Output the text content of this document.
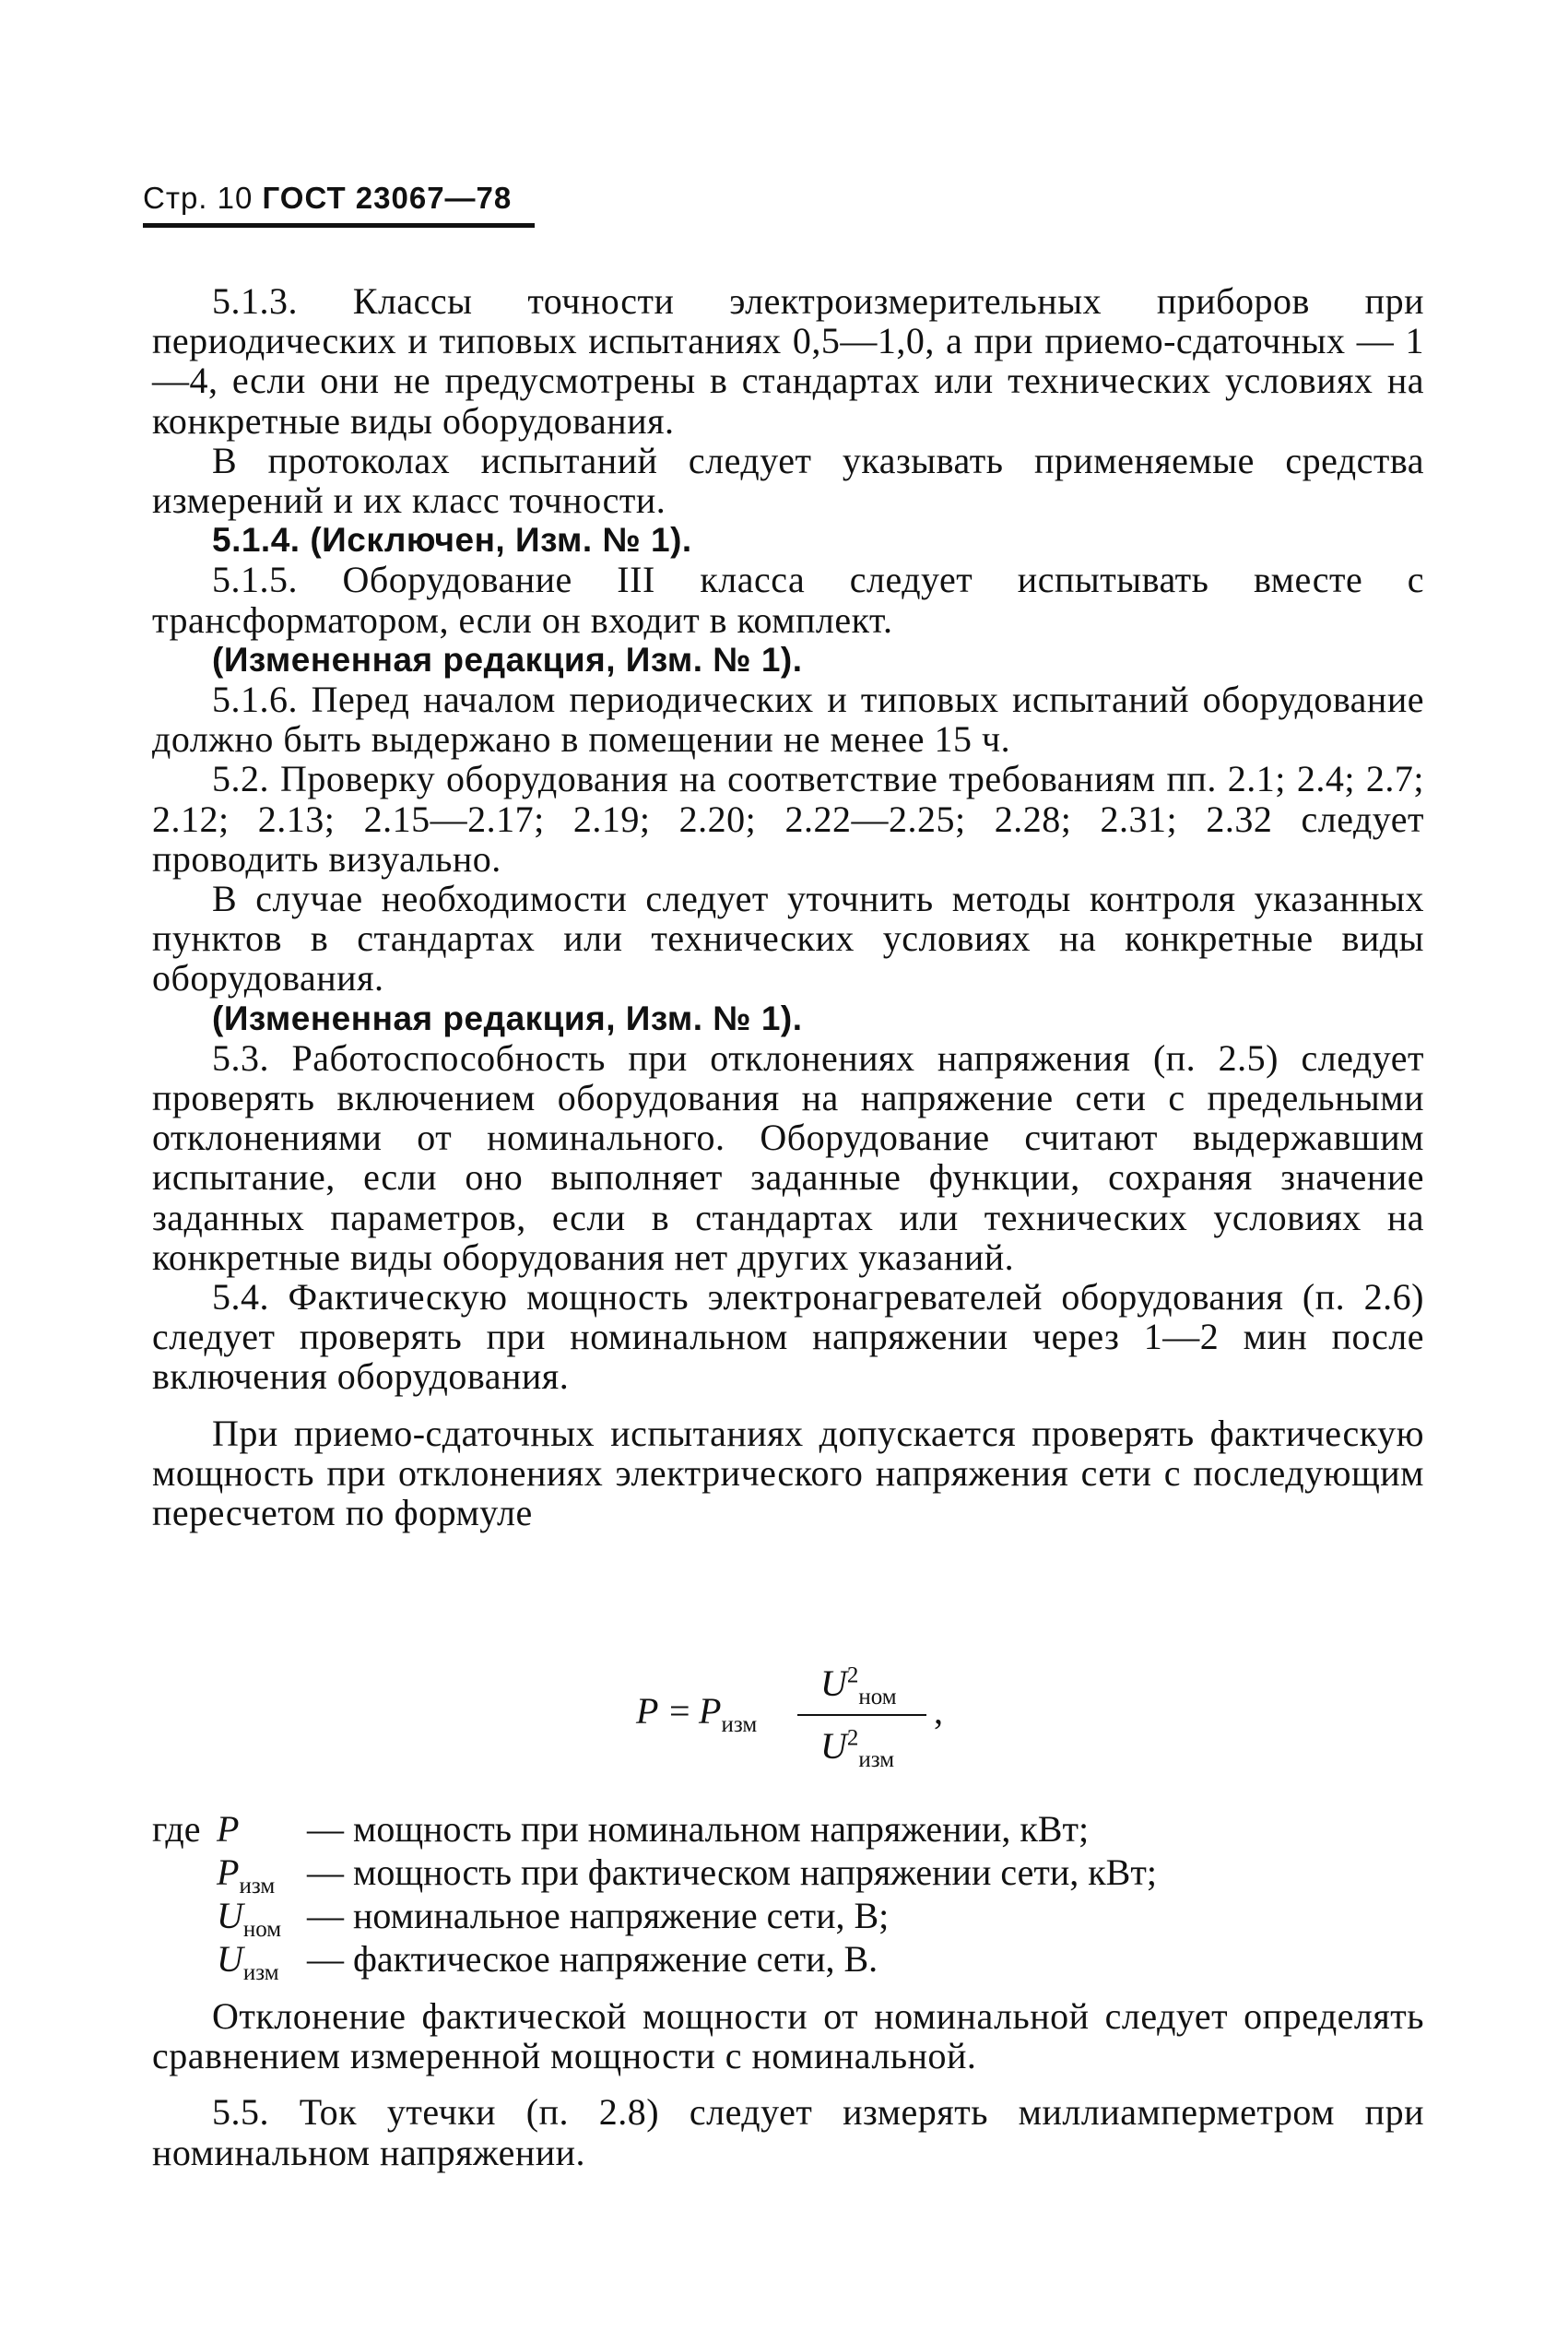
Стр. 10 ГОСТ 23067—78

5.1.3. Классы точности электроизмерительных приборов при периодических и типовых испытаниях 0,5—1,0, а при приемо-сдаточных — 1—4, если они не предусмотрены в стандартах или технических условиях на конкретные виды оборудования.

В протоколах испытаний следует указывать применяемые средства измерений и их класс точности.

5.1.4. (Исключен, Изм. № 1).

5.1.5. Оборудование III класса следует испытывать вместе с трансформатором, если он входит в комплект.

(Измененная редакция, Изм. № 1).

5.1.6. Перед началом периодических и типовых испытаний оборудование должно быть выдержано в помещении не менее 15 ч.

5.2. Проверку оборудования на соответствие требованиям пп. 2.1; 2.4; 2.7; 2.12; 2.13; 2.15—2.17; 2.19; 2.20; 2.22—2.25; 2.28; 2.31; 2.32 следует проводить визуально.

В случае необходимости следует уточнить методы контроля указанных пунктов в стандартах или технических условиях на конкретные виды оборудования.

(Измененная редакция, Изм. № 1).

5.3. Работоспособность при отклонениях напряжения (п. 2.5) следует проверять включением оборудования на напряжение сети с предельными отклонениями от номинального. Оборудование считают выдержавшим испытание, если оно выполняет заданные функции, сохраняя значение заданных параметров, если в стандартах или технических условиях на конкретные виды оборудования нет других указаний.

5.4. Фактическую мощность электронагревателей оборудования (п. 2.6) следует проверять при номинальном напряжении через 1—2 мин после включения оборудования.

При приемо-сдаточных испытаниях допускается проверять фактическую мощность при отклонениях электрического напряжения сети с последующим пересчетом по формуле

$P = P_{изм}$
$U^2_{ном}$
$U^2_{изм}$
,
где P — мощность при номинальном напряжении, кВт;
$P_{изм}$ — мощность при фактическом напряжении сети, кВт;
$U_{ном}$ — номинальное напряжение сети, В;
$U_{изм}$ — фактическое напряжение сети, В.

Отклонение фактической мощности от номинальной следует определять сравнением измеренной мощности с номинальной.

5.5. Ток утечки (п. 2.8) следует измерять миллиамперметром при номинальном напряжении.
